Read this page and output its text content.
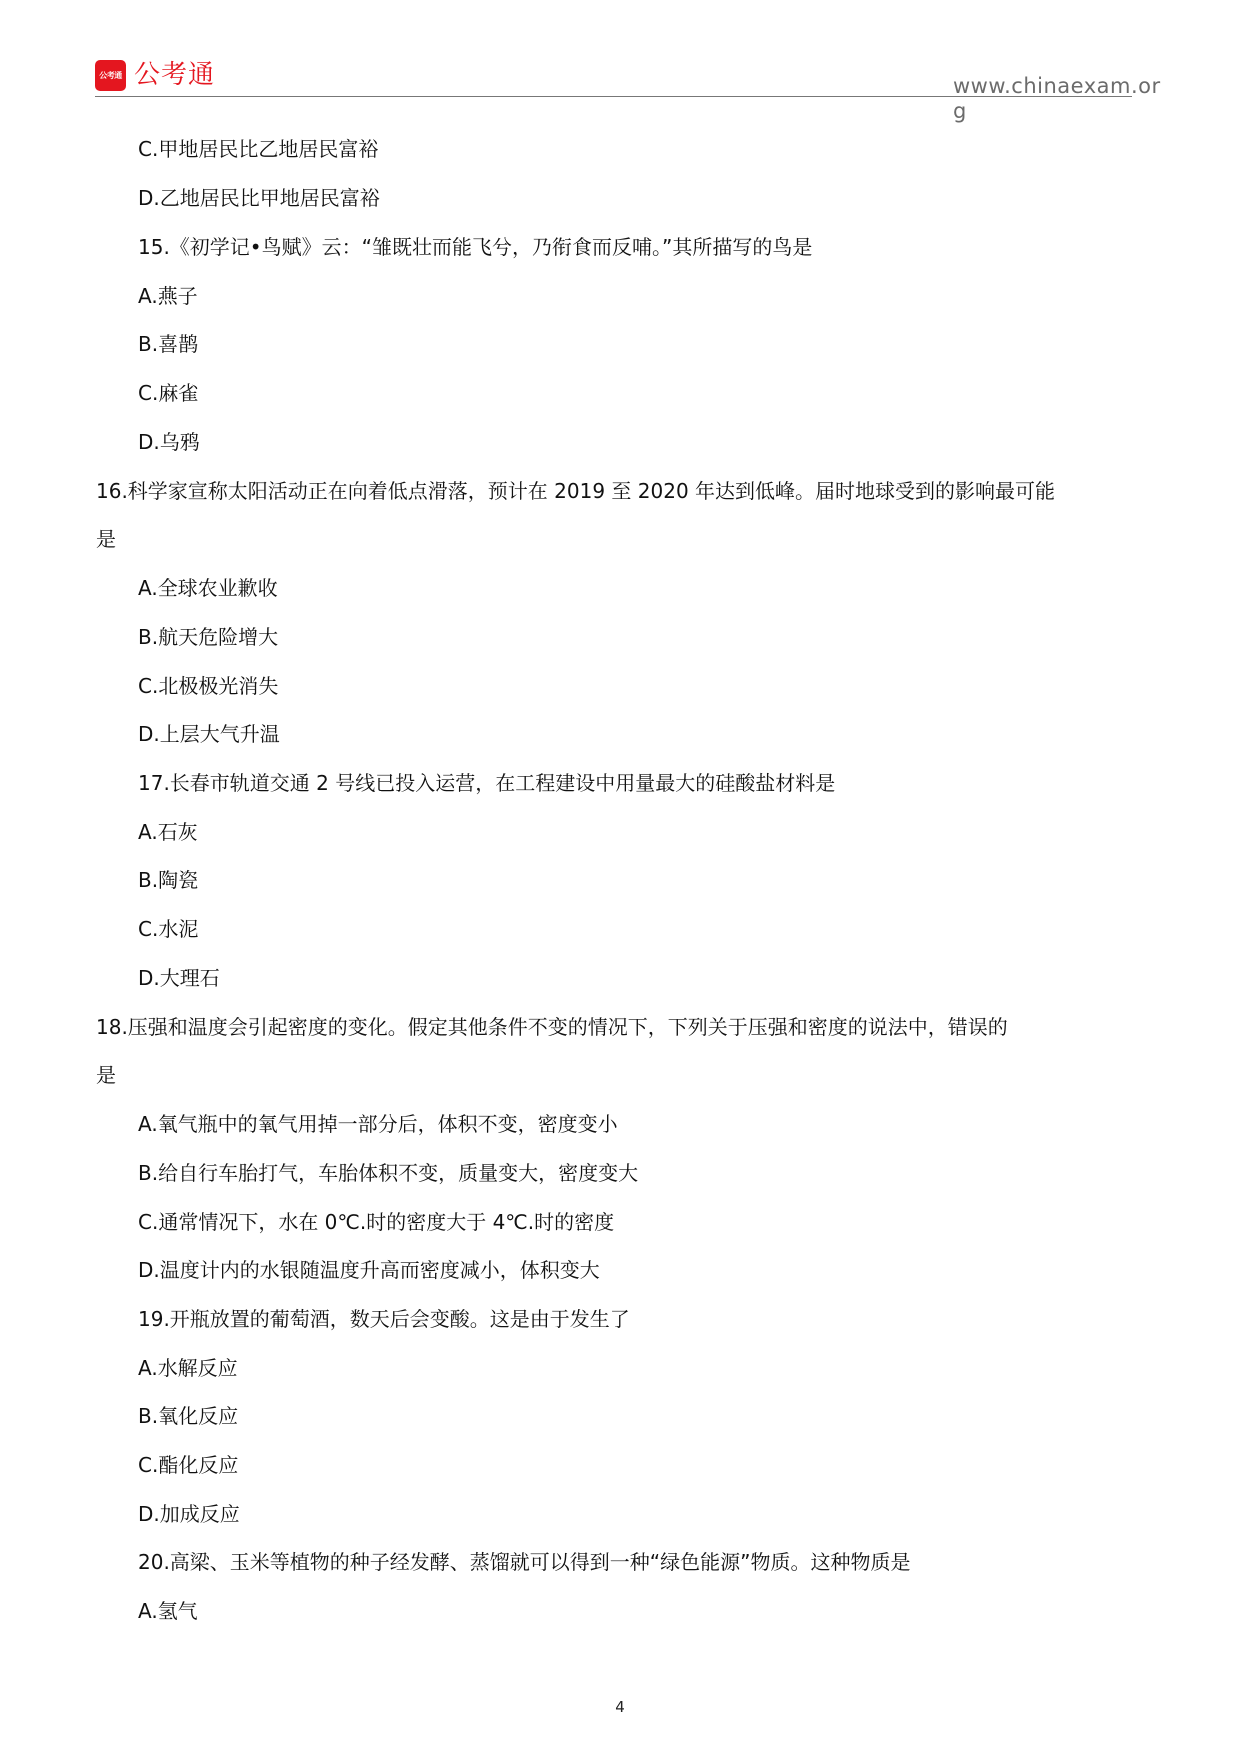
公考通 公考通	www.chinaexam.org
C.甲地居民比乙地居民富裕
D.乙地居民比甲地居民富裕
15.《初学记•鸟赋》云：“雏既壮而能飞兮，乃衔食而反哺。”其所描写的鸟是
A.燕子
B.喜鹊
C.麻雀
D.乌鸦
16.科学家宣称太阳活动正在向着低点滑落，预计在 2019 至 2020 年达到低峰。届时地球受到的影响最可能
是
A.全球农业歉收
B.航天危险增大
C.北极极光消失
D.上层大气升温
17.长春市轨道交通 2 号线已投入运营，在工程建设中用量最大的硅酸盐材料是
A.石灰
B.陶瓷
C.水泥
D.大理石
18.压强和温度会引起密度的变化。假定其他条件不变的情况下，下列关于压强和密度的说法中，错误的
是
A.氧气瓶中的氧气用掉一部分后，体积不变，密度变小
B.给自行车胎打气，车胎体积不变，质量变大，密度变大
C.通常情况下，水在 0℃.时的密度大于 4℃.时的密度
D.温度计内的水银随温度升高而密度减小，体积变大
19.开瓶放置的葡萄酒，数天后会变酸。这是由于发生了
A.水解反应
B.氧化反应
C.酯化反应
D.加成反应
20.高梁、玉米等植物的种子经发酵、蒸馏就可以得到一种“绿色能源”物质。这种物质是
A.氢气
4
